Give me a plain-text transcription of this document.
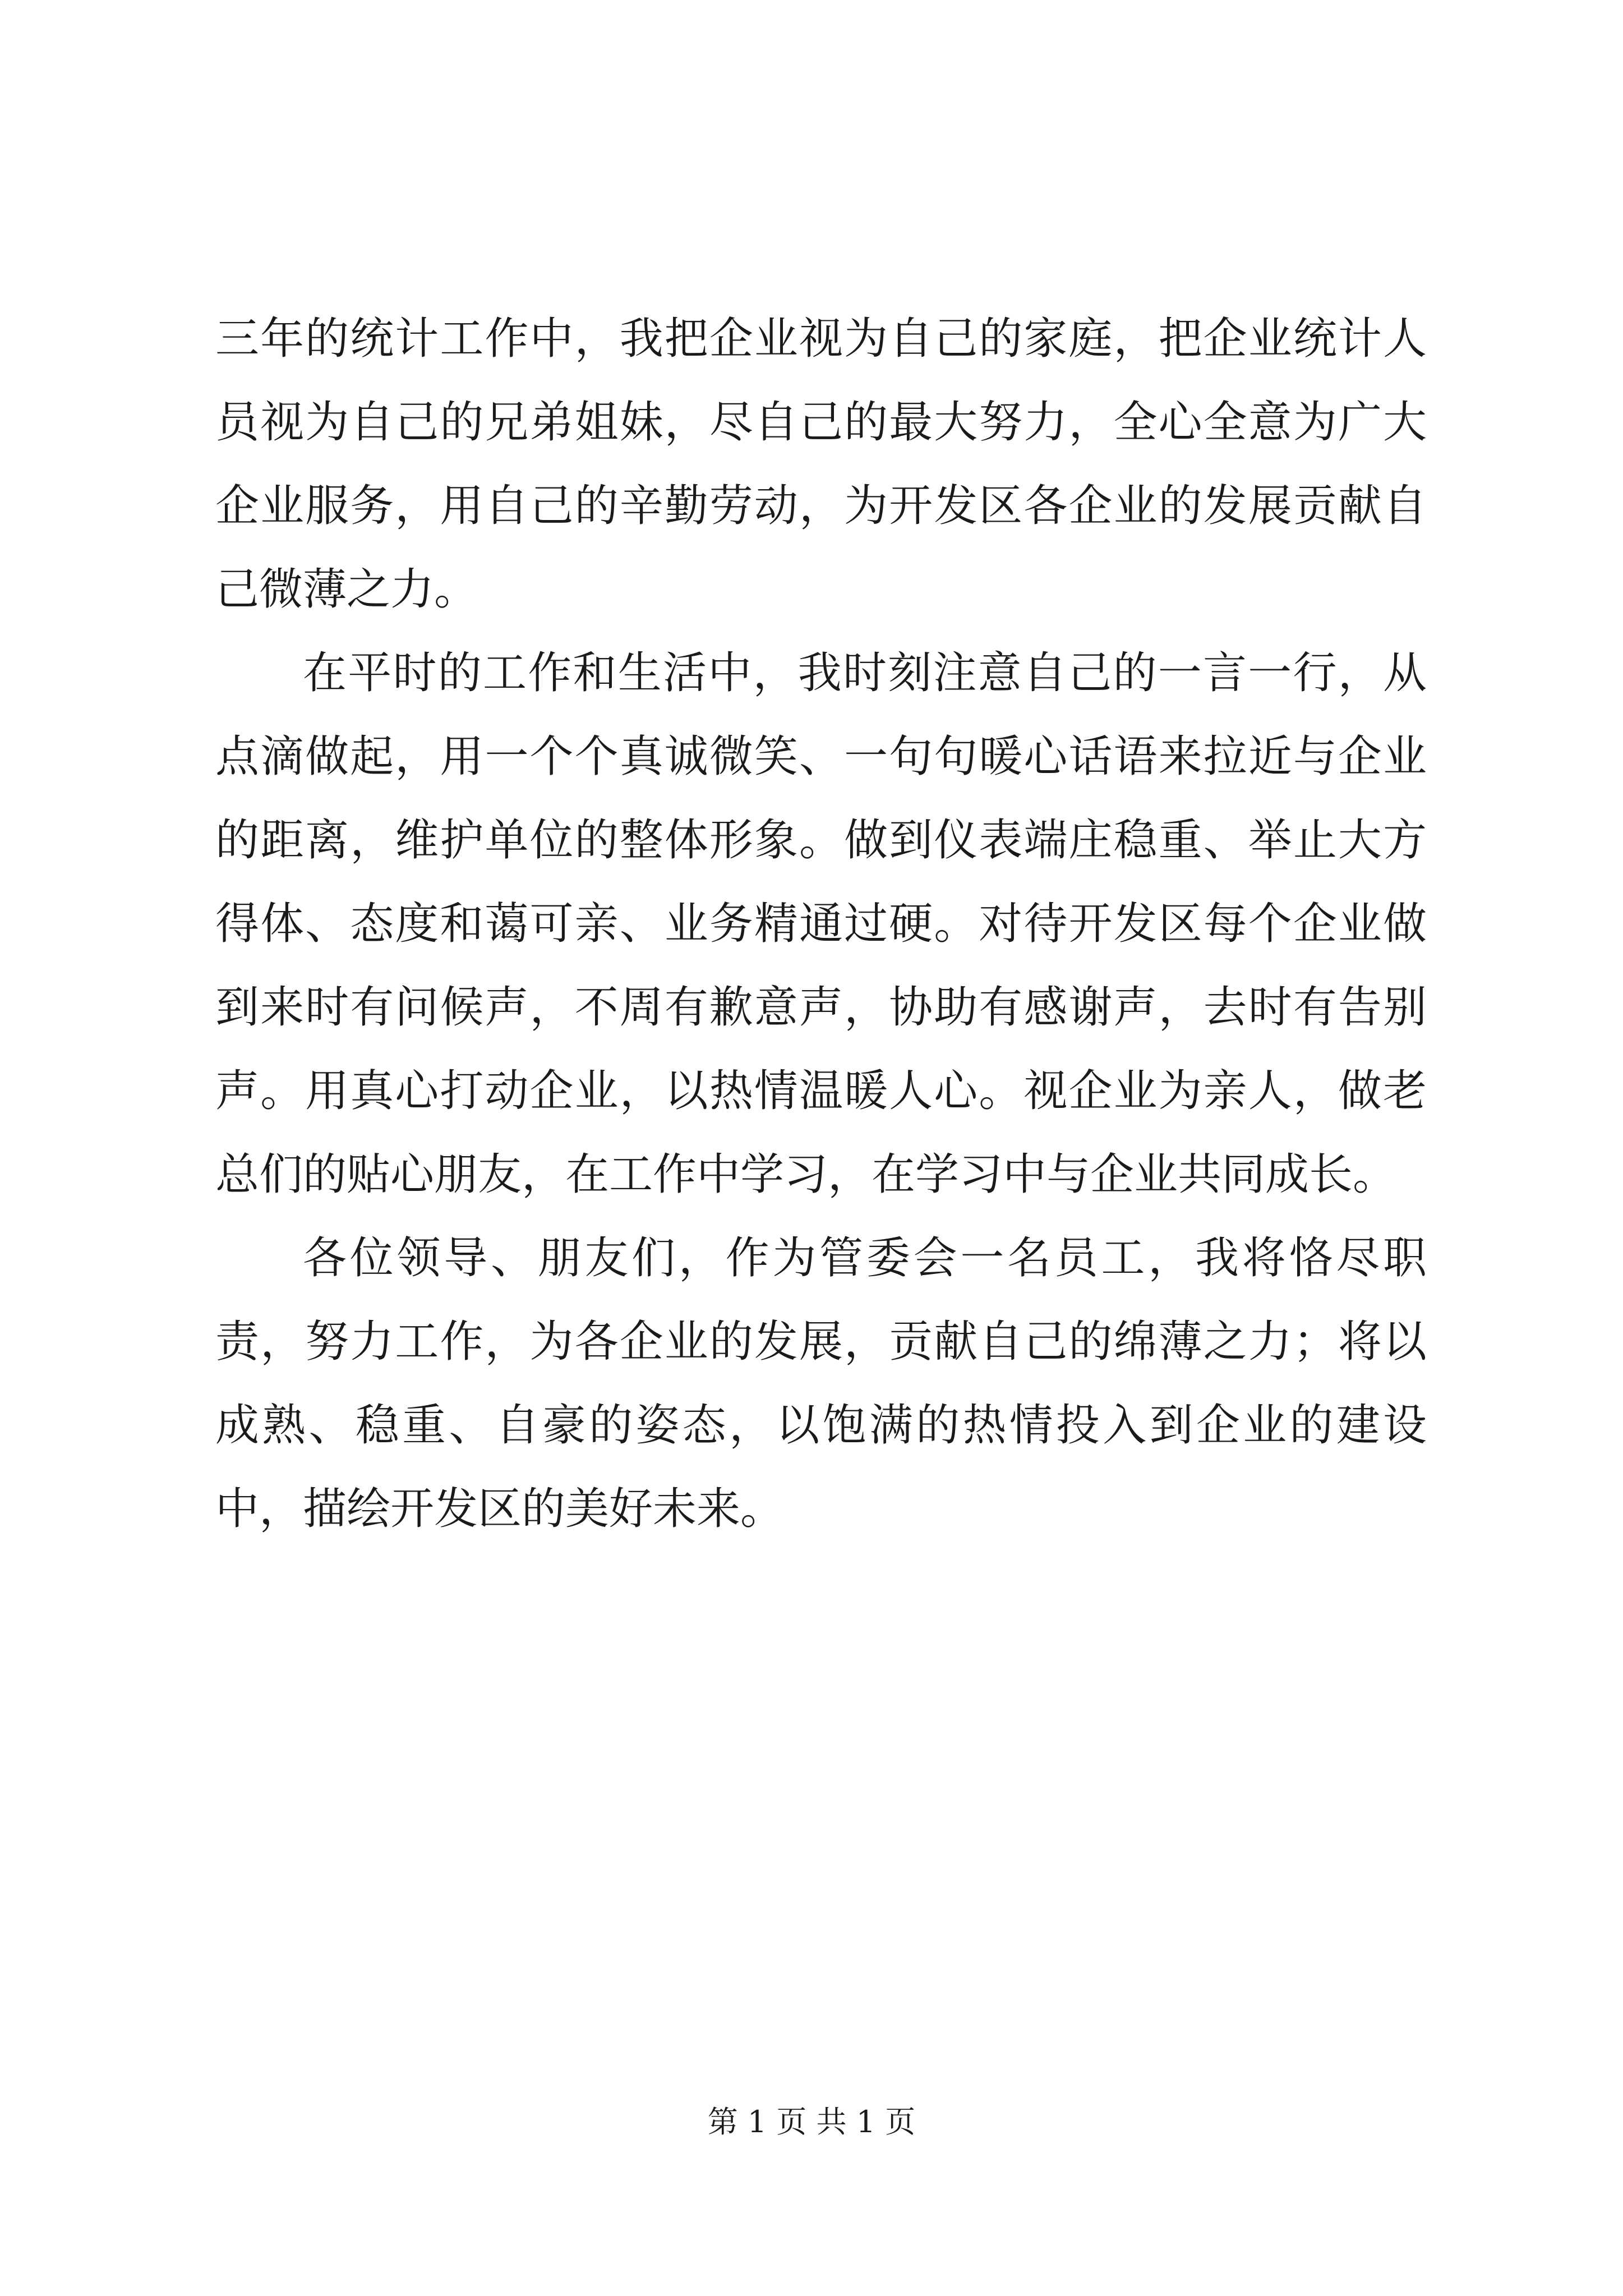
三年的统计工作中，我把企业视为自己的家庭，把企业统计人员视为自己的兄弟姐妹，尽自己的最大努力，全心全意为广大企业服务，用自己的辛勤劳动，为开发区各企业的发展贡献自己微薄之力。

在平时的工作和生活中，我时刻注意自己的一言一行，从点滴做起，用一个个真诚微笑、一句句暖心话语来拉近与企业的距离，维护单位的整体形象。做到仪表端庄稳重、举止大方得体、态度和蔼可亲、业务精通过硬。对待开发区每个企业做到来时有问候声，不周有歉意声，协助有感谢声，去时有告别声。用真心打动企业，以热情温暖人心。视企业为亲人，做老总们的贴心朋友，在工作中学习，在学习中与企业共同成长。

各位领导、朋友们，作为管委会一名员工，我将恪尽职责，努力工作，为各企业的发展，贡献自己的绵薄之力；将以成熟、稳重、自豪的姿态，以饱满的热情投入到企业的建设中，描绘开发区的美好未来。

第 1 页 共 1 页
